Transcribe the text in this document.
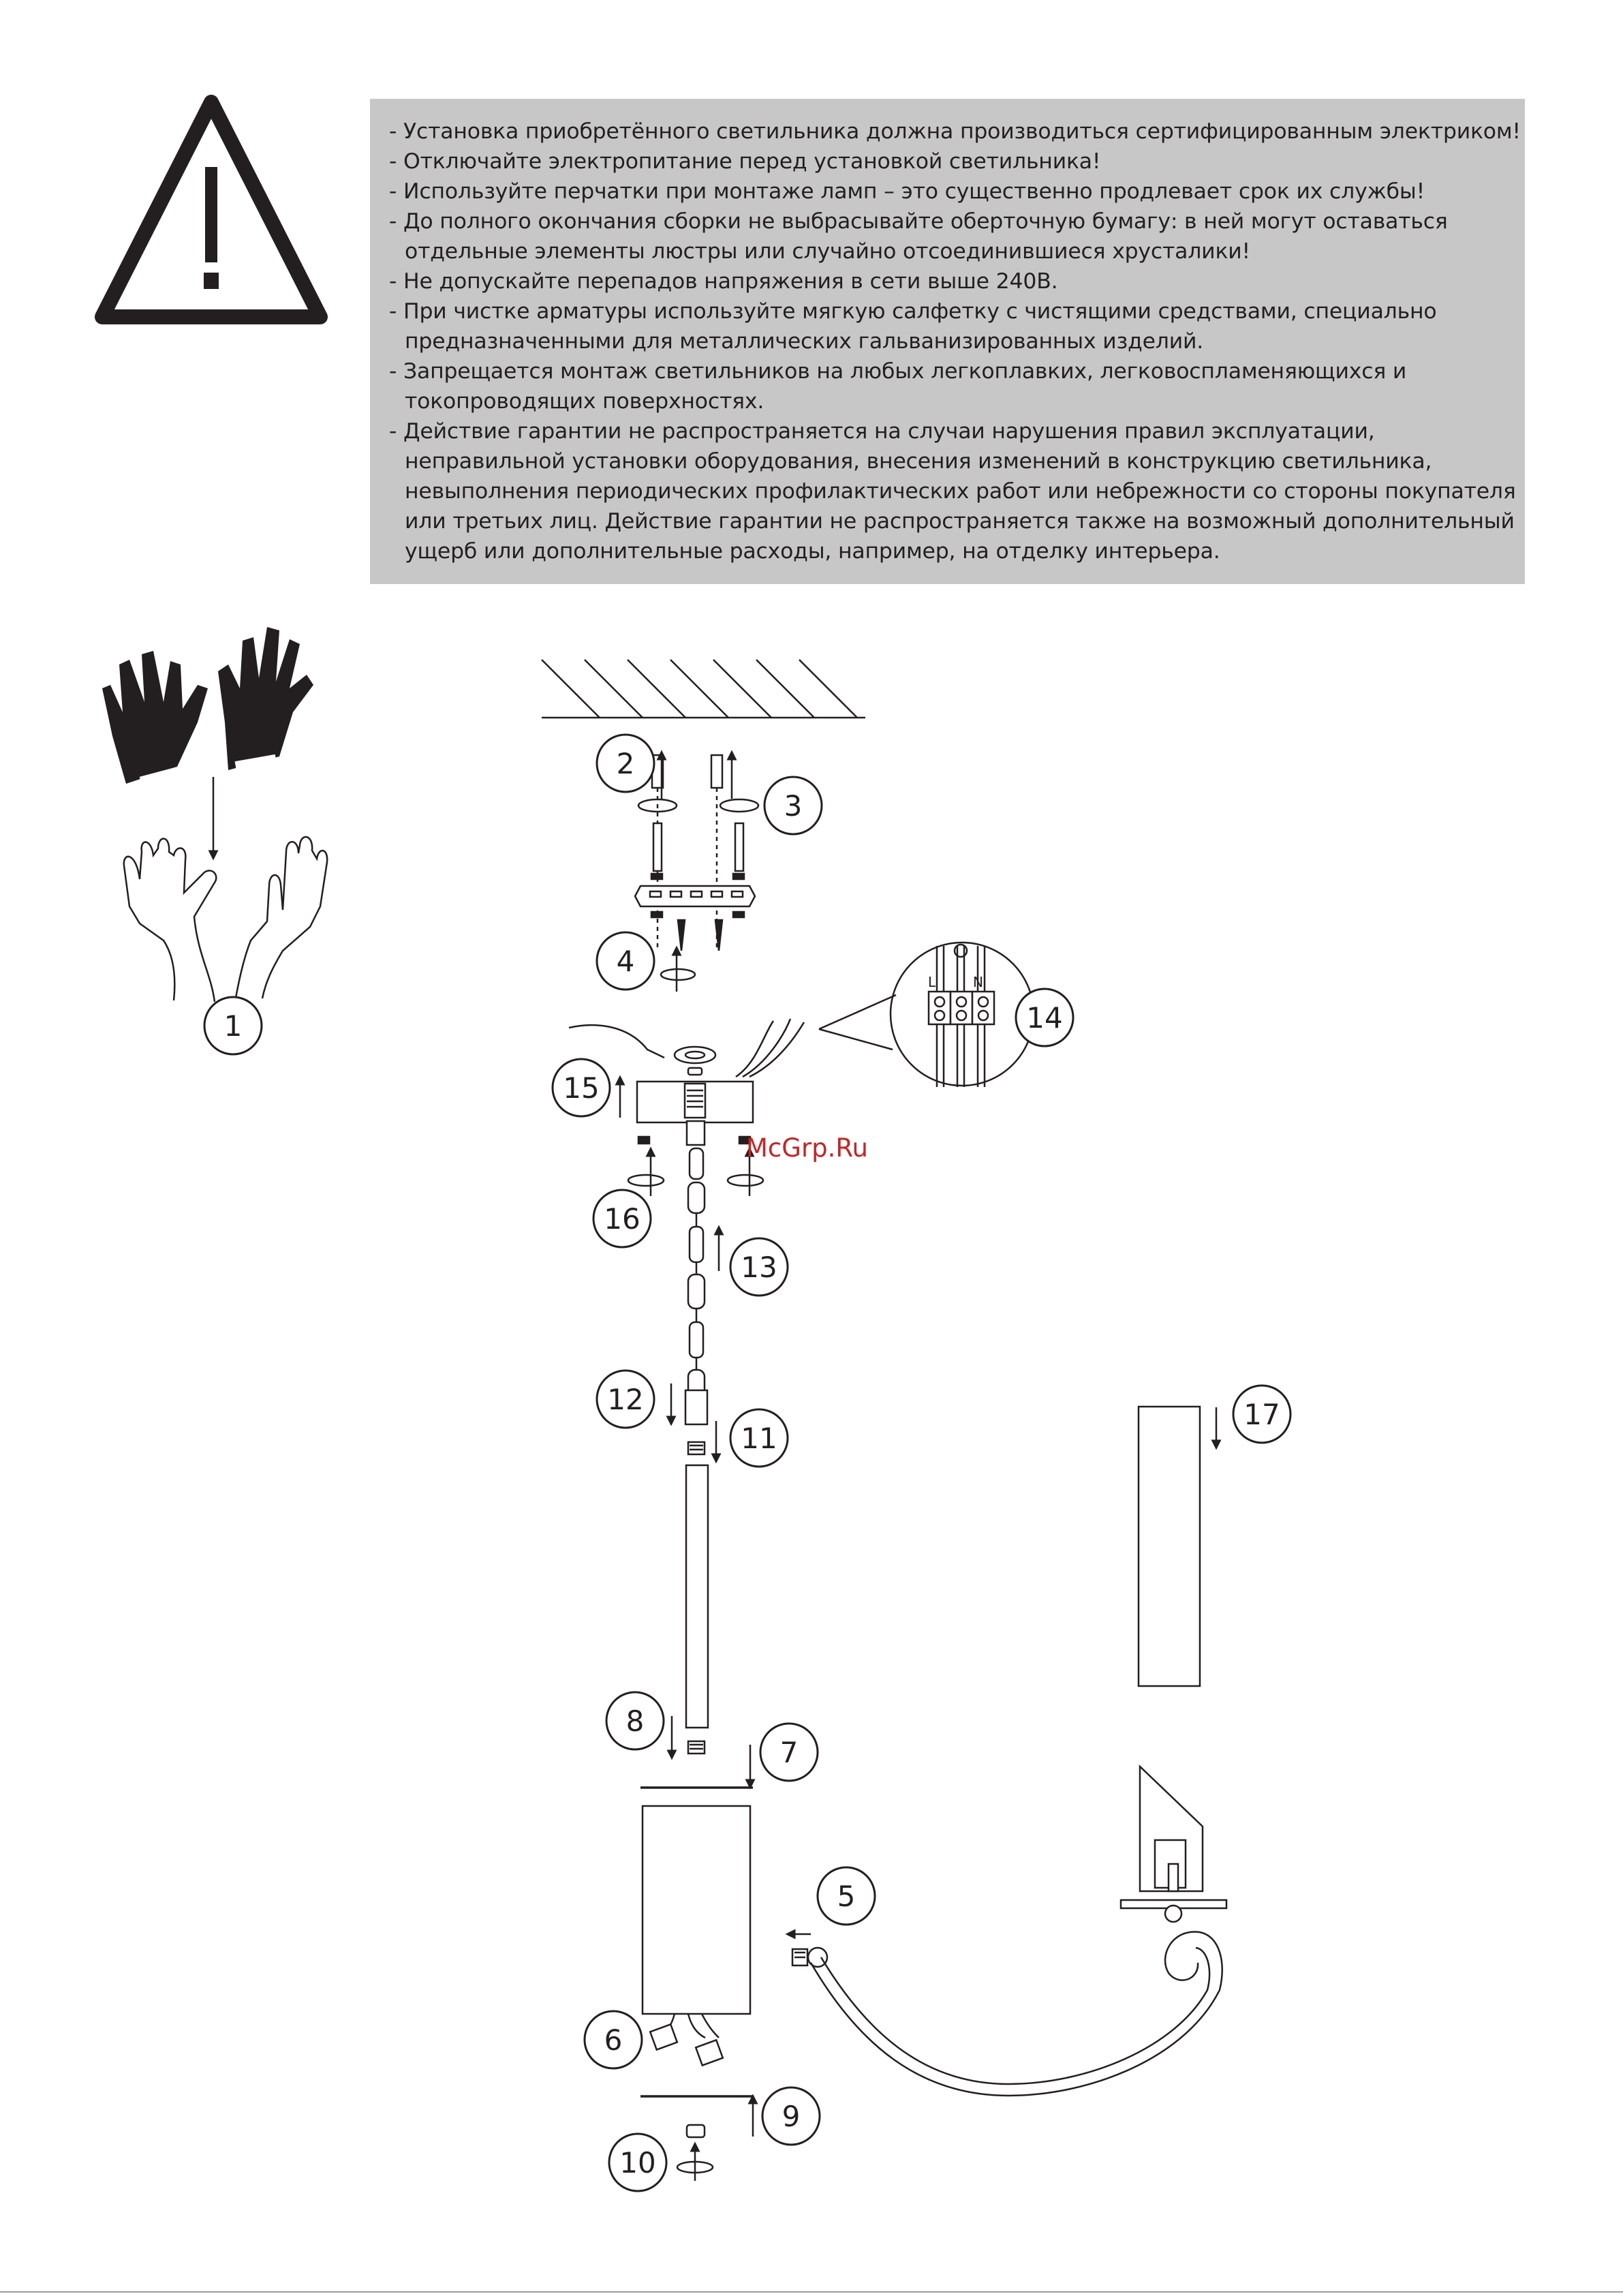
- Установка приобретённого светильника должна производиться сертифицированным электриком!
- Отключайте электропитание перед установкой светильника!
- Используйте перчатки при монтаже ламп – это существенно продлевает срок их службы!
- До полного окончания сборки не выбрасывайте оберточную бумагу: в ней могут оставаться
отдельные элементы люстры или случайно отсоединившиеся хрусталики!
- Не допускайте перепадов напряжения в сети выше 240В.
- При чистке арматуры используйте мягкую салфетку с чистящими средствами, специально
предназначенными для металлических гальванизированных изделий.
- Запрещается монтаж светильников на любых легкоплавких, легковоспламеняющихся и
токопроводящих поверхностях.
- Действие гарантии не распространяется на случаи нарушения правил эксплуатации,
неправильной установки оборудования, внесения изменений в конструкцию светильника,
невыполнения периодических профилактических работ или небрежности со стороны покупателя
или третьих лиц. Действие гарантии не распространяется также на возможный дополнительный
ущерб или дополнительные расходы, например, на отделку интерьера.
L	N
McGrp.Ru
1
2
3
4
5
6
7
8
9
10
11
12
13
14
15
16
17
